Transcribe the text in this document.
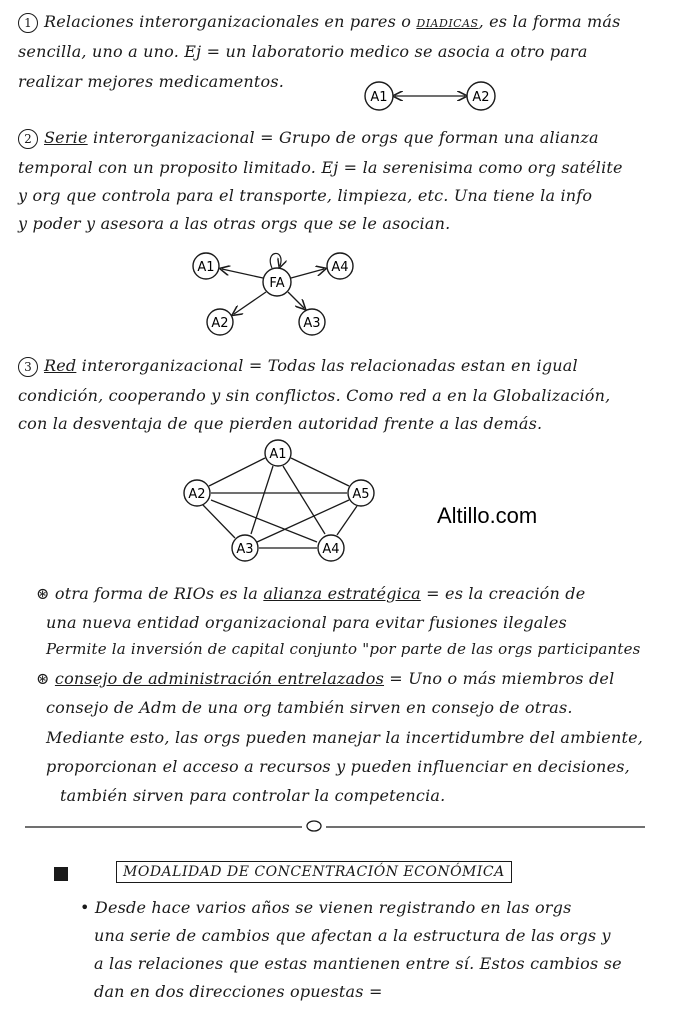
1 Relaciones interorganizacionales en pares o DIADICAS, es la forma más
sencilla, uno a uno. Ej = un laboratorio medico se asocia a otro para
realizar mejores medicamentos.
A1	A2
2 Serie interorganizacional = Grupo de orgs que forman una alianza
temporal con un proposito limitado. Ej = la serenisima como org satélite
y org que controla para el transporte, limpieza, etc. Una tiene la info
y poder y asesora a las otras orgs que se le asocian.
FA
A1	A4
A2	A3
3 Red interorganizacional = Todas las relacionadas estan en igual
condición, cooperando y sin conflictos. Como red a en la Globalización,
con la desventaja de que pierden autoridad frente a las demás.
A1
A2	A5
A3	A4
Altillo.com
⊛ otra forma de RIOs es la alianza estratégica = es la creación de
una nueva entidad organizacional para evitar fusiones ilegales
Permite la inversión de capital conjunto "por parte de las orgs participantes
⊛ consejo de administración entrelazados = Uno o más miembros del
consejo de Adm de una org también sirven en consejo de otras.
Mediante esto, las orgs pueden manejar la incertidumbre del ambiente,
proporcionan el acceso a recursos y pueden influenciar en decisiones,
también sirven para controlar la competencia.
MODALIDAD DE CONCENTRACIÓN ECONÓMICA
• Desde hace varios años se vienen registrando en las orgs
una serie de cambios que afectan a la estructura de las orgs y
a las relaciones que estas mantienen entre sí. Estos cambios se
dan en dos direcciones opuestas =
